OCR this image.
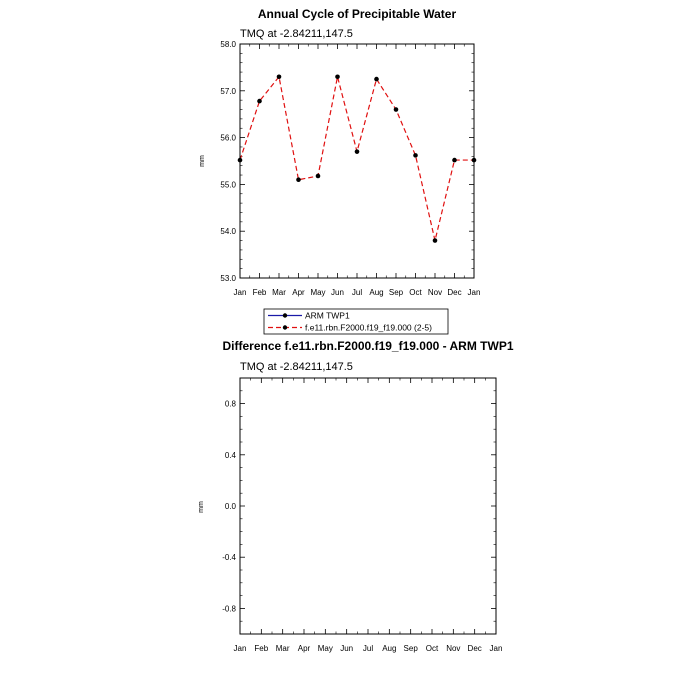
Annual Cycle of Precipitable Water
TMQ at -2.84211,147.5
mm
58.0
57.0
56.0
55.0
54.0
53.0
Jan Feb Mar Apr May Jun Jul Aug Sep Oct Nov Dec Jan
ARM TWP1
f.e11.rbn.F2000.f19_f19.000 (2-5)
Difference f.e11.rbn.F2000.f19_f19.000 - ARM TWP1
TMQ at -2.84211,147.5
mm
0.8
0.4
0.0
-0.4
-0.8
Jan Feb Mar Apr May Jun Jul Aug Sep Oct Nov Dec Jan
